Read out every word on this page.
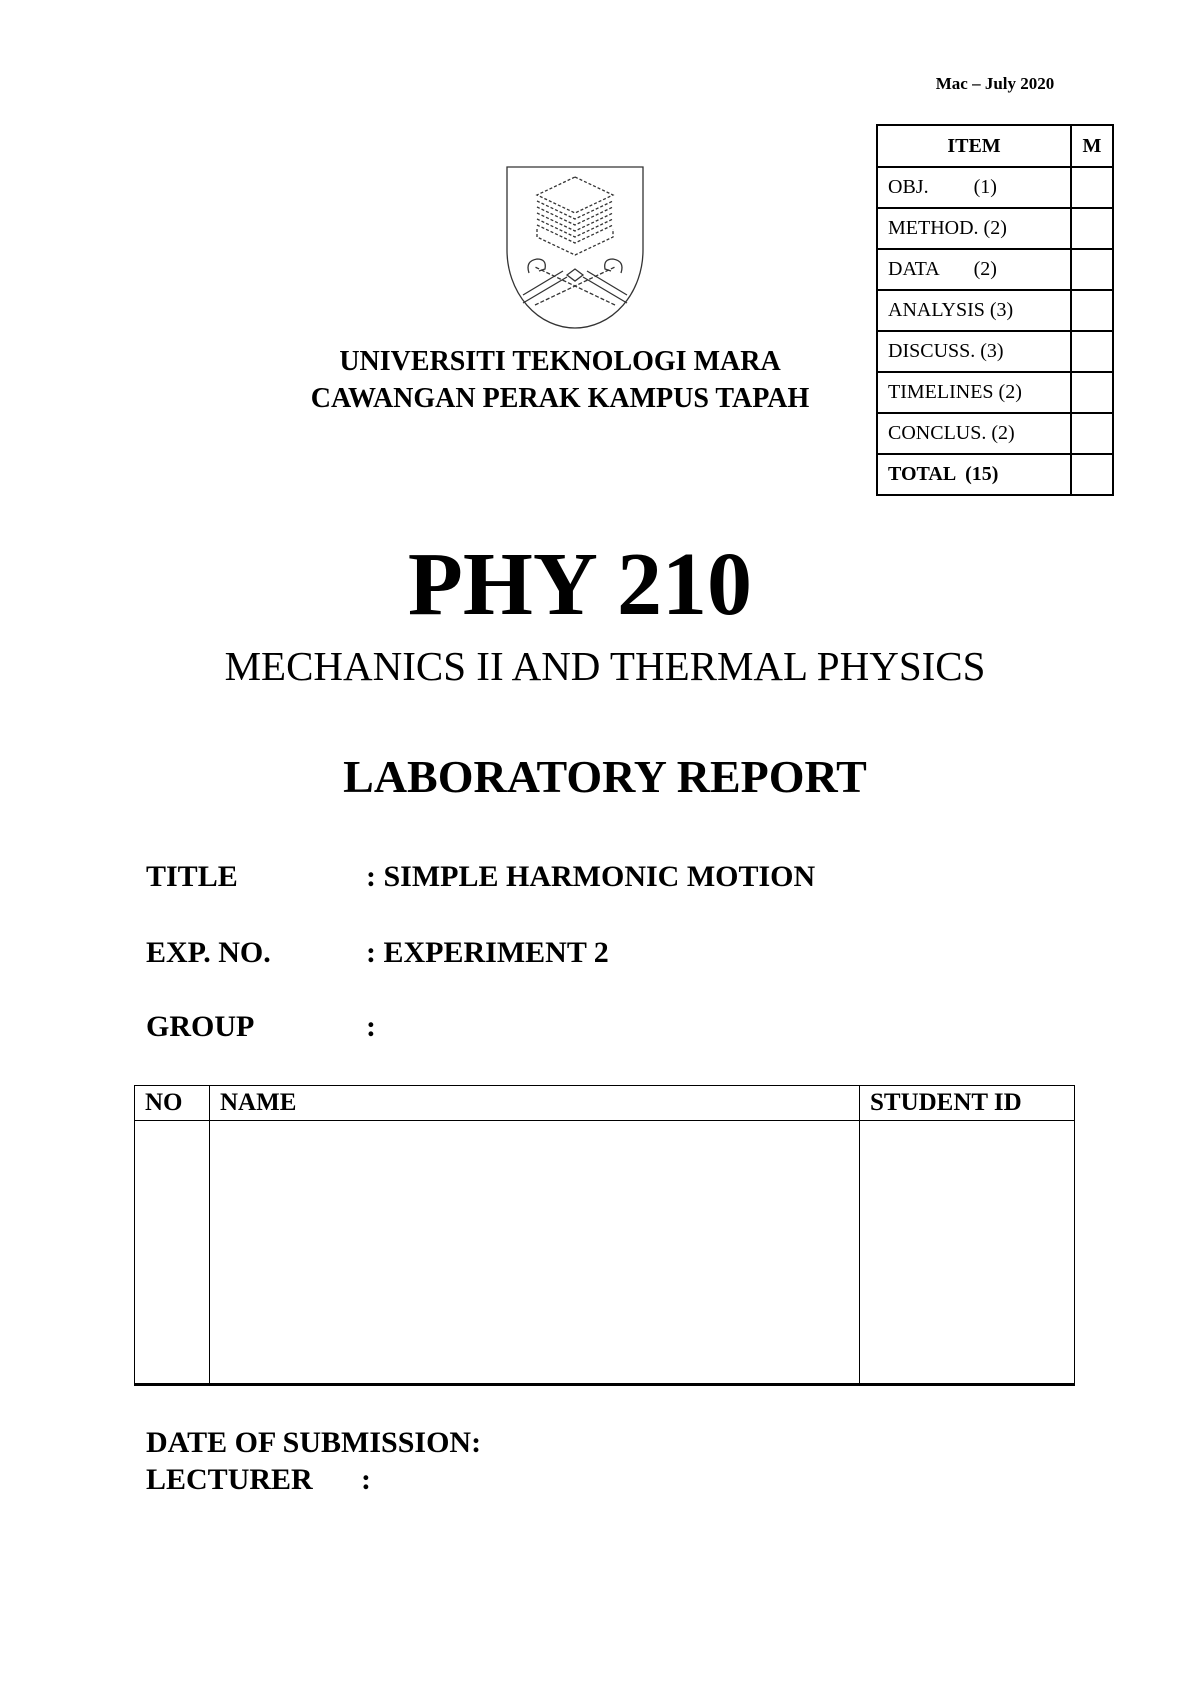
Mac – July 2020
ITEM	M
OBJ.         (1)	
METHOD. (2)	
DATA       (2)	
ANALYSIS (3)	
DISCUSS. (3)	
TIMELINES (2)	
CONCLUS. (2)	
TOTAL  (15)	
UNIVERSITI TEKNOLOGI MARA
CAWANGAN PERAK KAMPUS TAPAH
PHY 210
MECHANICS II AND THERMAL PHYSICS
LABORATORY REPORT
TITLE	: SIMPLE HARMONIC MOTION
EXP. NO.	: EXPERIMENT 2
GROUP	:
NO	NAME	STUDENT ID

DATE OF SUBMISSION:
LECTURER :
